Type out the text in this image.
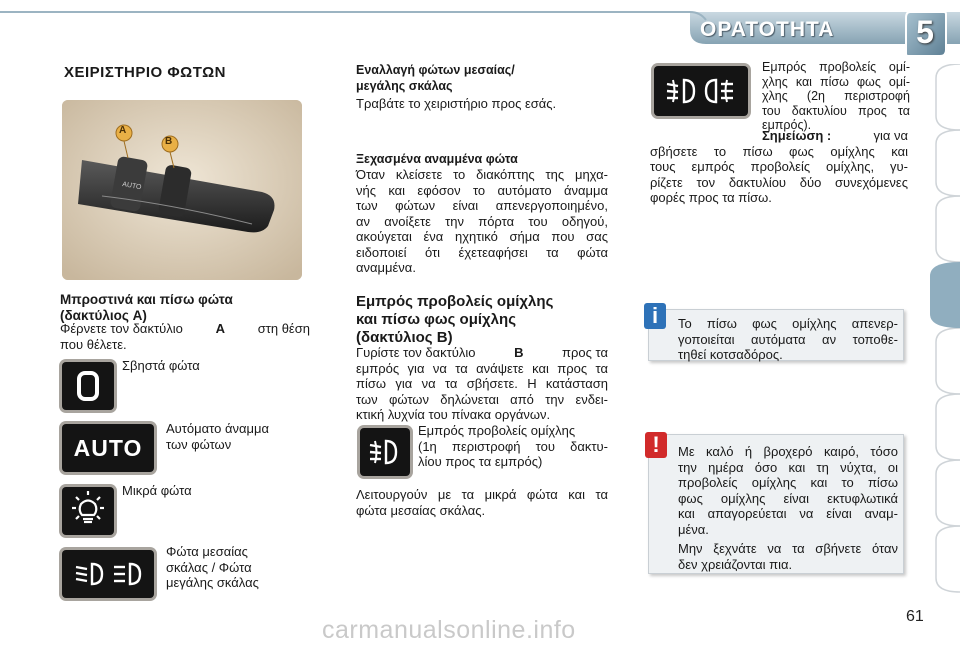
ΟΡΑΤΟΤΗΤΑ	5
ΧΕΙΡΙΣΤΗΡΙΟ ΦΩΤΩΝ
AUTO
A
B
Μπροστινά και πίσω φώτα
(δακτύλιος A)
Φέρνετε τον δακτύλιο	A	στη θέση
που θέλετε.
Σβηστά φώτα
AUTO
Αυτόματο άναμμα
των φώτων
Μικρά φώτα
Φώτα μεσαίας
σκάλας / Φώτα
μεγάλης σκάλας
Εναλλαγή φώτων μεσαίας/
μεγάλης σκάλας
Τραβάτε το χειριστήριο προς εσάς.
Ξεχασμένα αναμμένα φώτα
Όταν κλείσετε το διακόπτης της μηχα-
νής και εφόσον το αυτόματο άναμμα
των φώτων είναι απενεργοποιημένο,
αν ανοίξετε την πόρτα του οδηγού,
ακούγεται ένα ηχητικό σήμα που σας
ειδοποιεί ότι έχετεαφήσει τα φώτα
αναμμένα.
Εμπρός προβολείς ομίχλης
και πίσω φως ομίχλης
(δακτύλιος B)
Γυρίστε τον δακτύλιο	B	προς τα
εμπρός για να τα ανάψετε και προς τα
πίσω για να τα σβήσετε. Η κατάσταση
των φώτων δηλώνεται από την ενδει-
κτική λυχνία του πίνακα οργάνων.
Εμπρός προβολείς ομίχλης
(1η περιστροφή του δακτυ-
λίου προς τα εμπρός)
Λειτουργούν με τα μικρά φώτα και τα
φώτα μεσαίας σκάλας.
Εμπρός προβολείς ομί-
χλης και πίσω φως ομί-
χλης (2η περιστροφή
του δακτυλίου προς τα
εμπρός).
Σημείωση :	για να
σβήσετε το πίσω φως ομίχλης και
τους εμπρός προβολείς ομίχλης, γυ-
ρίζετε τον δακτυλίου δύο συνεχόμενες
φορές προς τα πίσω.
i	Το πίσω φως ομίχλης απενερ-
γοποιείται αυτόματα αν τοποθε-
τηθεί κοτσαδόρος.
!	Με καλό ή βροχερό καιρό, τόσο
την ημέρα όσο και τη νύχτα, οι
προβολείς ομίχλης και το πίσω
φως ομίχλης είναι εκτυφλωτικά
και απαγορεύεται να είναι αναμ-
μένα.
Μην ξεχνάτε να τα σβήνετε όταν
δεν χρειάζονται πια.
61
carmanualsonline.info
